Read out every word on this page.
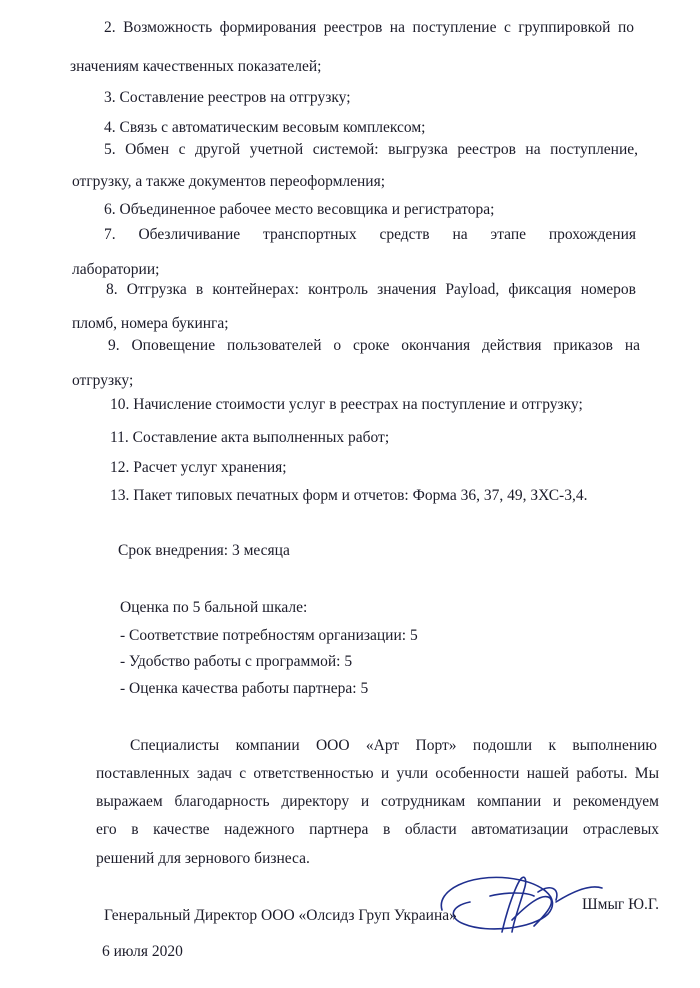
2. Возможность формирования реестров на поступление с группировкой по
значениям качественных показателей;
3. Составление реестров на отгрузку;
4. Связь с автоматическим весовым комплексом;
5. Обмен с другой учетной системой: выгрузка реестров на поступление,
отгрузку, а также документов переоформления;
6. Объединенное рабочее место весовщика и регистратора;
7. Обезличивание транспортных средств на этапе прохождения
лаборатории;
8. Отгрузка в контейнерах: контроль значения Payload, фиксация номеров
пломб, номера букинга;
9. Оповещение пользователей о сроке окончания действия приказов на
отгрузку;
10. Начисление стоимости услуг в реестрах на поступление и отгрузку;
11. Составление акта выполненных работ;
12. Расчет услуг хранения;
13. Пакет типовых печатных форм и отчетов: Форма 36, 37, 49, ЗХС-3,4.
Срок внедрения: 3 месяца
Оценка по 5 бальной шкале:
- Соответствие потребностям организации: 5
- Удобство работы с программой: 5
- Оценка качества работы партнера: 5
Специалисты компании ООО «Арт Порт» подошли к выполнению
поставленных задач с ответственностью и учли особенности нашей работы. Мы
выражаем благодарность директору и сотрудникам компании и рекомендуем
его в качестве надежного партнера в области автоматизации отраслевых
решений для зернового бизнеса.
Генеральный Директор ООО «Олсидз Груп Украина»
Шмыг Ю.Г.
6 июля 2020
